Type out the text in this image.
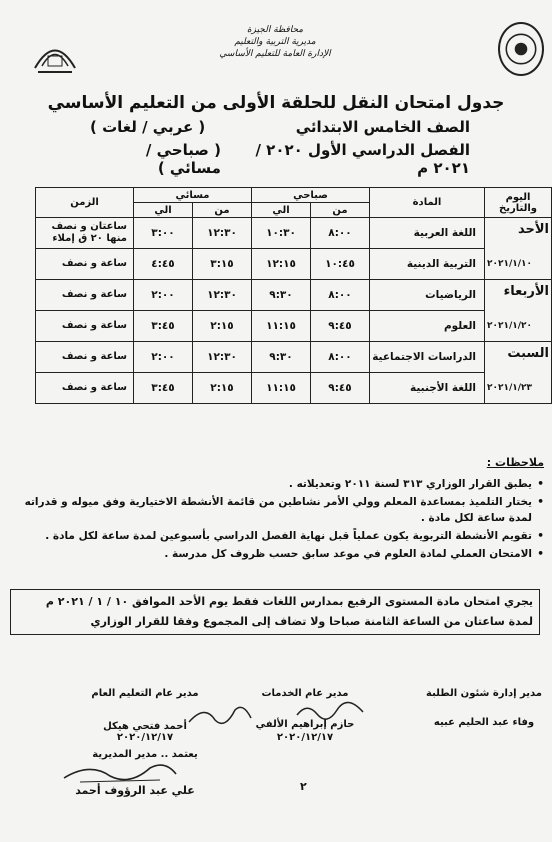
محافظة الجيزة
مديرية التربية والتعليم
الإدارة العامة للتعليم الأساسي
جدول امتحان النقل للحلقة الأولى من التعليم الأساسي
الصف الخامس الابتدائي
( عربي / لغات )
الفصل الدراسي الأول ٢٠٢٠ / ٢٠٢١ م
( صباحي / مسائي )
اليوم والتاريخ	المادة	صباحي		مسائي		الزمن
		من	الي	من	الي	

الأحد
٢٠٢١/١/١٠	اللغة العربية	٨:٠٠	١٠:٣٠	١٢:٣٠	٣:٠٠	ساعتان و نصف منها ٢٠ ق إملاء
	التربية الدينية	١٠:٤٥	١٢:١٥	٣:١٥	٤:٤٥	ساعة و نصف

الأربعاء
٢٠٢١/١/٢٠	الرياضيات	٨:٠٠	٩:٣٠	١٢:٣٠	٢:٠٠	ساعة و نصف
	العلوم	٩:٤٥	١١:١٥	٢:١٥	٣:٤٥	ساعة و نصف

السبت
٢٠٢١/١/٢٣	الدراسات الاجتماعية	٨:٠٠	٩:٣٠	١٢:٣٠	٢:٠٠	ساعة و نصف
	اللغة الأجنبية	٩:٤٥	١١:١٥	٢:١٥	٣:٤٥	ساعة و نصف
ملاحظات :
• يطبق القرار الوزاري ٣١٣ لسنة ٢٠١١ وتعديلاته .
• يختار التلميذ بمساعدة المعلم وولي الأمر نشاطين من قائمة الأنشطة الاختيارية وفق ميوله و قدراته لمدة ساعة لكل مادة .
• تقويم الأنشطة التربوية يكون عملياً قبل نهاية الفصل الدراسي بأسبوعين لمدة ساعة لكل مادة .
• الامتحان العملي لمادة العلوم في موعد سابق حسب ظروف كل مدرسة .
يجري امتحان مادة المستوى الرفيع بمدارس اللغات فقط يوم الأحد الموافق ١٠ / ١ / ٢٠٢١ م
لمدة ساعتان من الساعة الثامنة صباحا ولا تضاف إلى المجموع وفقا للقرار الوزاري
مدير إدارة شئون الطلبة
وفاء عبد الحليم عبيه
مدير عام الخدمات
حازم إبراهيم الألفي
٢٠٢٠/١٢/١٧
مدير عام التعليم العام
أحمد فتحي هيكل
٢٠٢٠/١٢/١٧
يعتمد .. مدير المديرية
علي عبد الرؤوف أحمد	٢
